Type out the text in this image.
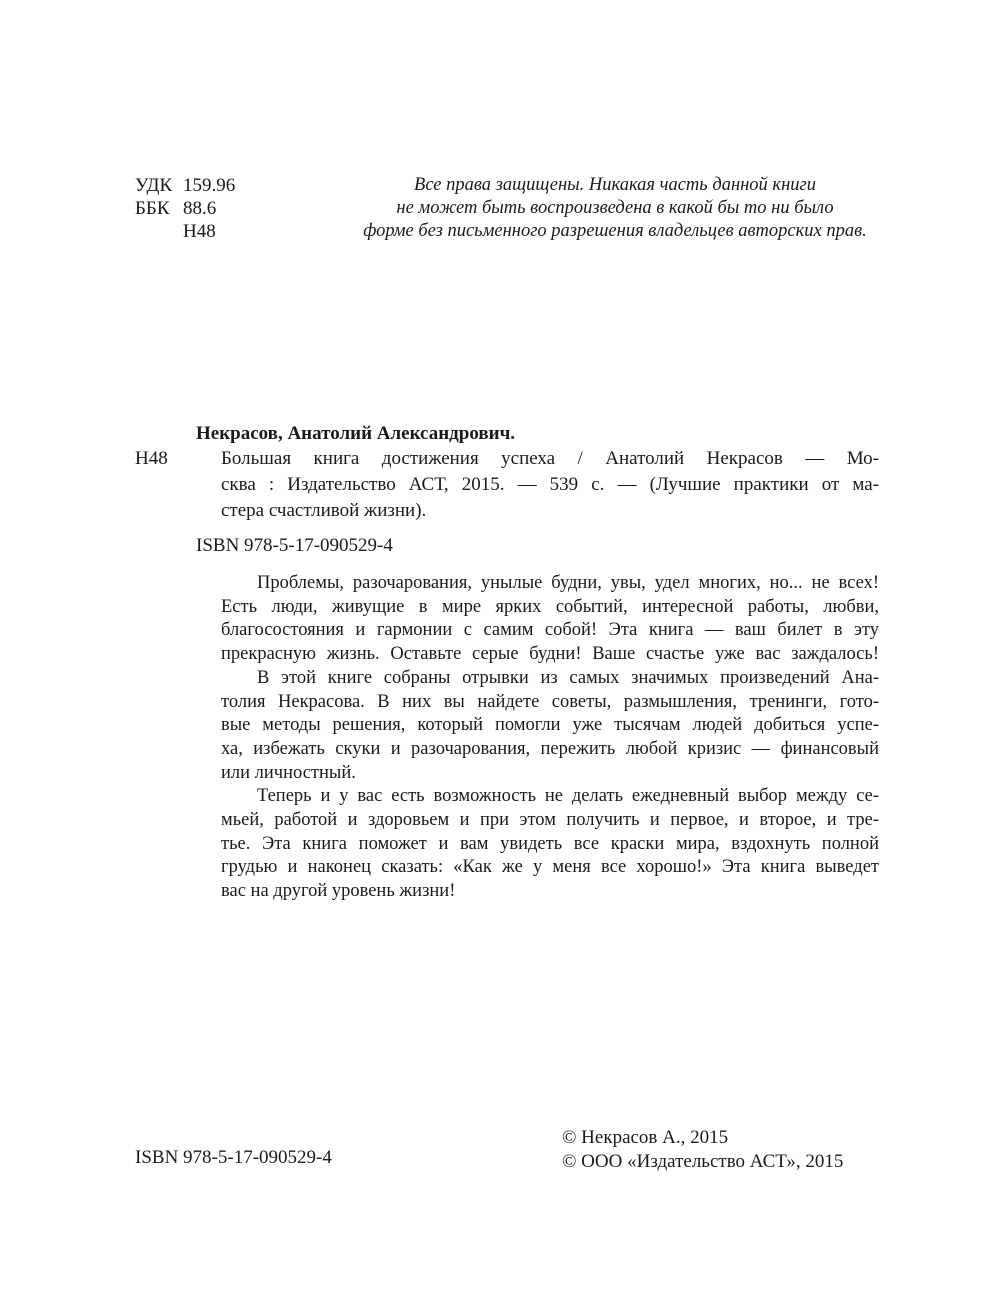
УДК 159.96
ББК 88.6
Н48
Все права защищены. Никакая часть данной книги
не может быть воспроизведена в какой бы то ни было
форме без письменного разрешения владельцев авторских прав.
Некрасов, Анатолий Александрович.
Н48	Большая книга достижения успеха / Анатолий Некрасов — Мо-
сква : Издательство АСТ, 2015. — 539 с. — (Лучшие практики от ма-
стера счастливой жизни).
ISBN 978-5-17-090529-4
Проблемы, разочарования, унылые будни, увы, удел многих, но... не всех!
Есть люди, живущие в мире ярких событий, интересной работы, любви,
благосостояния и гармонии с самим собой! Эта книга — ваш билет в эту
прекрасную жизнь. Оставьте серые будни! Ваше счастье уже вас заждалось!
В этой книге собраны отрывки из самых значимых произведений Ана-
толия Некрасова. В них вы найдете советы, размышления, тренинги, гото-
вые методы решения, который помогли уже тысячам людей добиться успе-
ха, избежать скуки и разочарования, пережить любой кризис — финансовый
или личностный.
Теперь и у вас есть возможность не делать ежедневный выбор между се-
мьей, работой и здоровьем и при этом получить и первое, и второе, и тре-
тье. Эта книга поможет и вам увидеть все краски мира, вздохнуть полной
грудью и наконец сказать: «Как же у меня все хорошо!» Эта книга выведет
вас на другой уровень жизни!
ISBN 978-5-17-090529-4
© Некрасов А., 2015
© ООО «Издательство АСТ», 2015
